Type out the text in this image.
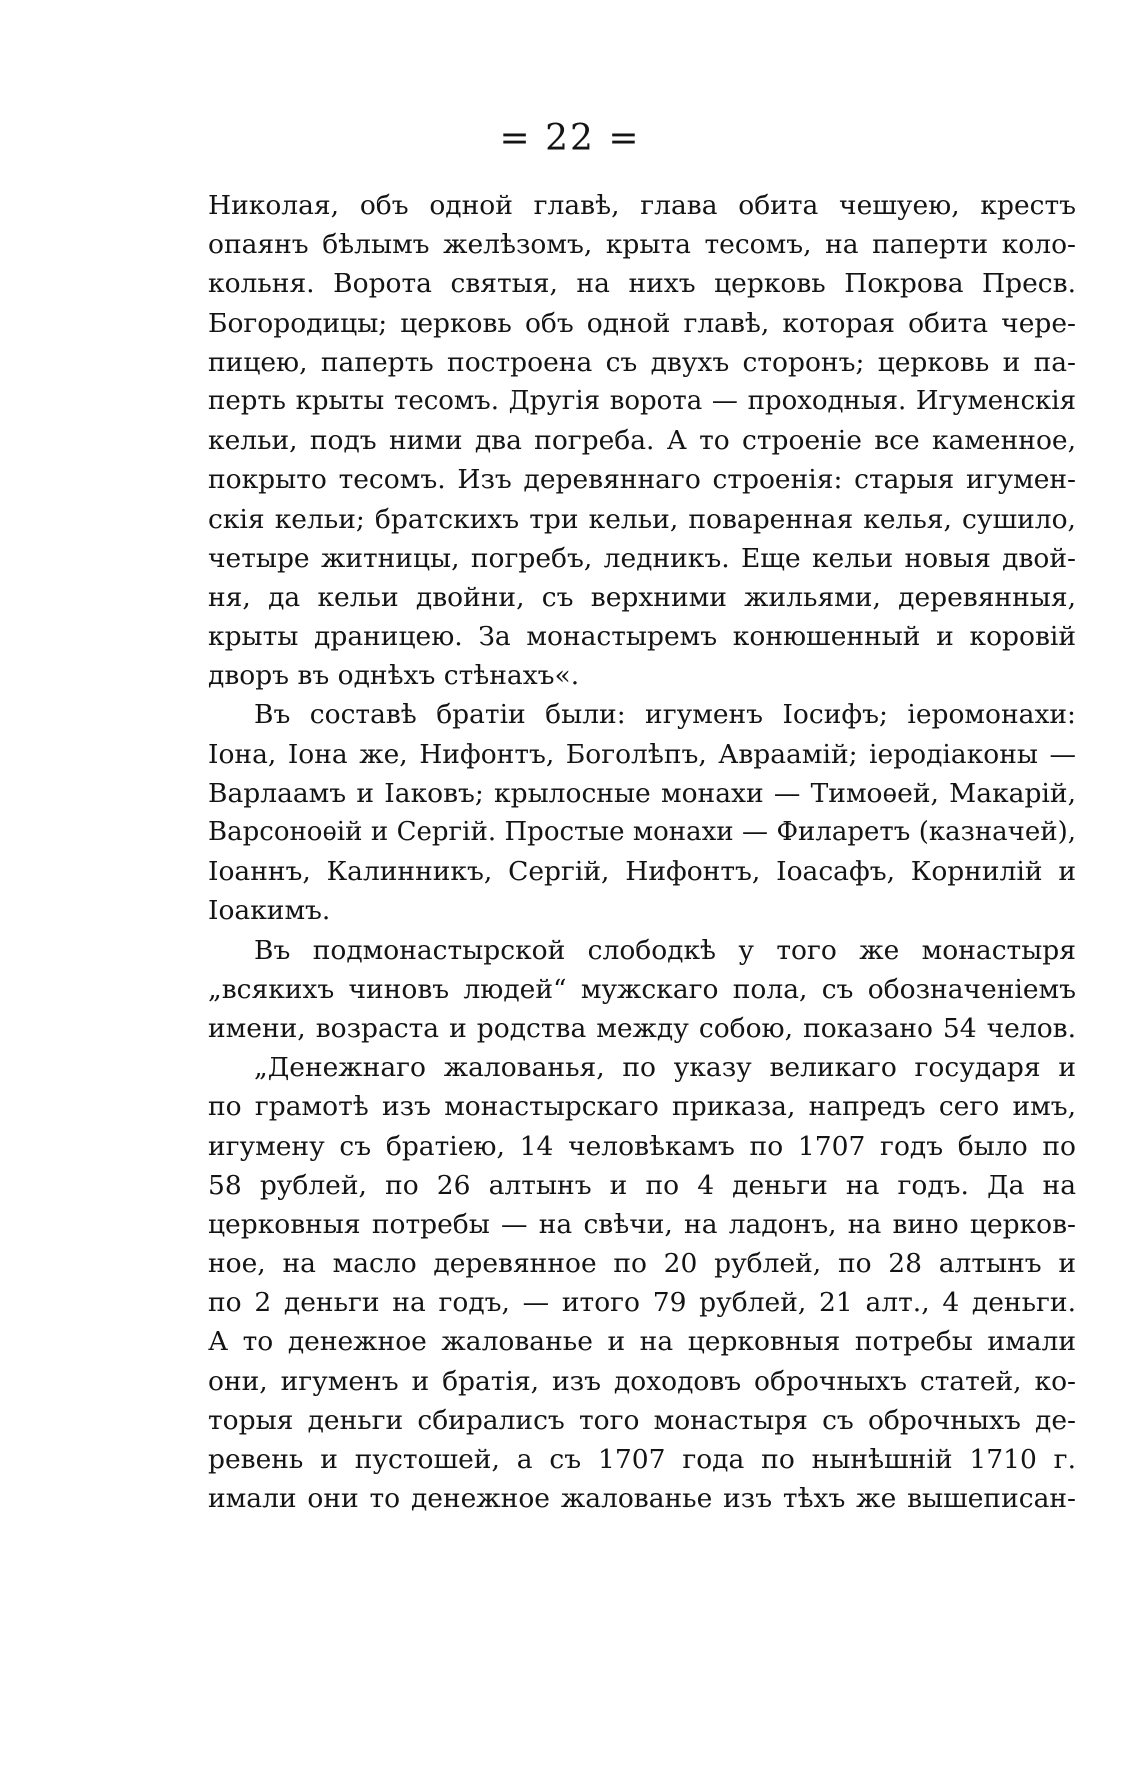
= 22 =
Николая, объ одной главѣ, глава обита чешуею, крестъ
опаянъ бѣлымъ желѣзомъ, крыта тесомъ, на паперти коло-
кольня. Ворота святыя, на нихъ церковь Покрова Пресв.
Богородицы; церковь объ одной главѣ, которая обита чере-
пицею, паперть построена съ двухъ сторонъ; церковь и па-
перть крыты тесомъ. Другія ворота — проходныя. Игуменскія
кельи, подъ ними два погреба. А то строеніе все каменное,
покрыто тесомъ. Изъ деревяннаго строенія: старыя игумен-
скія кельи; братскихъ три кельи, поваренная келья, сушило,
четыре житницы, погребъ, ледникъ. Еще кельи новыя двой-
ня, да кельи двойни, съ верхними жильями, деревянныя,
крыты драницею. За монастыремъ конюшенный и коровій
дворъ въ однѣхъ стѣнахъ«.
Въ составѣ братіи были: игуменъ Іосифъ; іеромонахи:
Іона, Іона же, Нифонтъ, Боголѣпъ, Авраамій; іеродіаконы —
Варлаамъ и Іаковъ; крылосные монахи — Тимоѳей, Макарій,
Варсоноѳій и Сергій. Простые монахи — Филаретъ (казначей),
Іоаннъ, Калинникъ, Сергій, Нифонтъ, Іоасафъ, Корнилій и
Іоакимъ.
Въ подмонастырской слободкѣ у того же монастыря
„всякихъ чиновъ людей“ мужскаго пола, съ обозначеніемъ
имени, возраста и родства между собою, показано 54 челов.
„Денежнаго жалованья, по указу великаго государя и
по грамотѣ изъ монастырскаго приказа, напредъ сего имъ,
игумену съ братіею, 14 человѣкамъ по 1707 годъ было по
58 рублей, по 26 алтынъ и по 4 деньги на годъ. Да на
церковныя потребы — на свѣчи, на ладонъ, на вино церков-
ное, на масло деревянное по 20 рублей, по 28 алтынъ и
по 2 деньги на годъ, — итого 79 рублей, 21 алт., 4 деньги.
А то денежное жалованье и на церковныя потребы имали
они, игуменъ и братія, изъ доходовъ оброчныхъ статей, ко-
торыя деньги сбиралисъ того монастыря съ оброчныхъ де-
ревень и пустошей, а съ 1707 года по нынѣшній 1710 г.
имали они то денежное жалованье изъ тѣхъ же вышеписан-
